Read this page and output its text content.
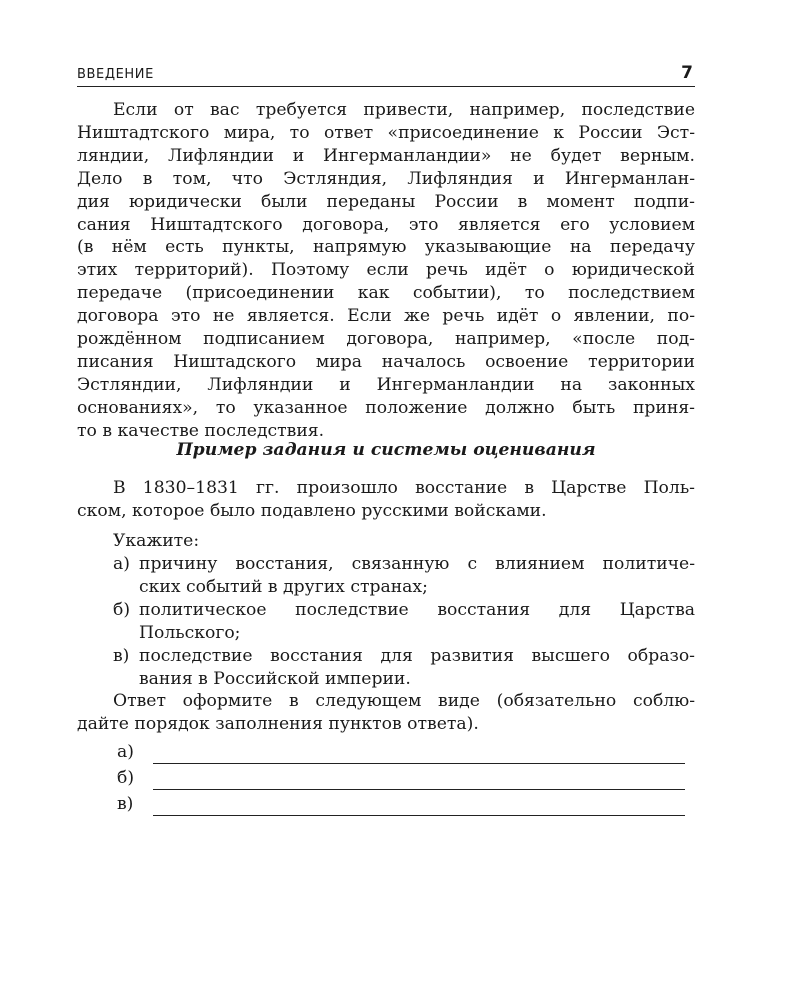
ВВЕДЕНИЕ	7
Если от вас требуется привести, например, последствие
Ништадтского мира, то ответ «присоединение к России Эст-
ляндии, Лифляндии и Ингерманландии» не будет верным.
Дело в том, что Эстляндия, Лифляндия и Ингерманлан-
дия юридически были переданы России в момент подпи-
сания Ништадтского договора, это является его условием
(в нём есть пункты, напрямую указывающие на передачу
этих территорий). Поэтому если речь идёт о юридической
передаче (присоединении как событии), то последствием
договора это не является. Если же речь идёт о явлении, по-
рождённом подписанием договора, например, «после под-
писания Ништадского мира началось освоение территории
Эстляндии, Лифляндии и Ингерманландии на законных
основаниях», то указанное положение должно быть приня-
то в качестве последствия.
Пример задания и системы оценивания
В 1830–1831 гг. произошло восстание в Царстве Поль-
ском, которое было подавлено русскими войсками.
Укажите:
а) причину восстания, связанную с влиянием политиче-
ских событий в других странах;
б) политическое последствие восстания для Царства
Польского;
в) последствие восстания для развития высшего образо-
вания в Российской империи.
Ответ оформите в следующем виде (обязательно соблю-
дайте порядок заполнения пунктов ответа).
а)
б)
в)
